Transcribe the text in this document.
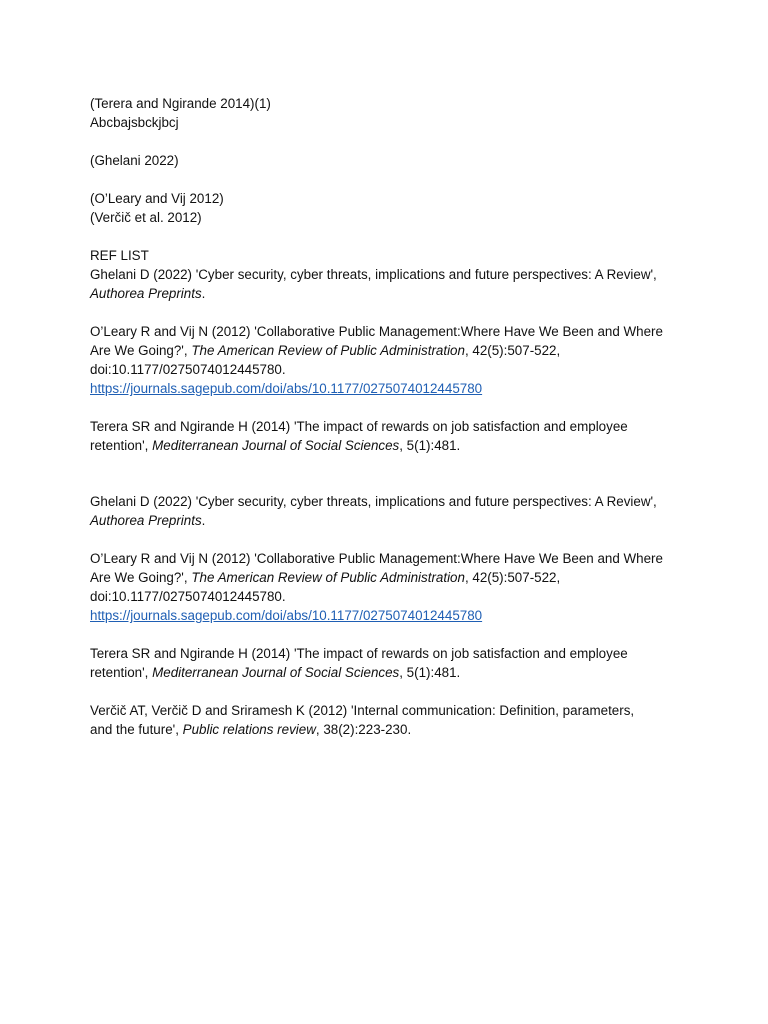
(Terera and Ngirande 2014)(1)
Abcbajsbckjbcj
(Ghelani 2022)
(O’Leary and Vij 2012)
(Verčič et al. 2012)
REF LIST
Ghelani D (2022) 'Cyber security, cyber threats, implications and future perspectives: A Review',
Authorea Preprints.
O’Leary R and Vij N (2012) 'Collaborative Public Management:Where Have We Been and Where
Are We Going?', The American Review of Public Administration, 42(5):507-522,
doi:10.1177/0275074012445780.
https://journals.sagepub.com/doi/abs/10.1177/0275074012445780
Terera SR and Ngirande H (2014) 'The impact of rewards on job satisfaction and employee
retention', Mediterranean Journal of Social Sciences, 5(1):481.
Ghelani D (2022) 'Cyber security, cyber threats, implications and future perspectives: A Review',
Authorea Preprints.
O’Leary R and Vij N (2012) 'Collaborative Public Management:Where Have We Been and Where
Are We Going?', The American Review of Public Administration, 42(5):507-522,
doi:10.1177/0275074012445780.
https://journals.sagepub.com/doi/abs/10.1177/0275074012445780
Terera SR and Ngirande H (2014) 'The impact of rewards on job satisfaction and employee
retention', Mediterranean Journal of Social Sciences, 5(1):481.
Verčič AT, Verčič D and Sriramesh K (2012) 'Internal communication: Definition, parameters,
and the future', Public relations review, 38(2):223-230.
